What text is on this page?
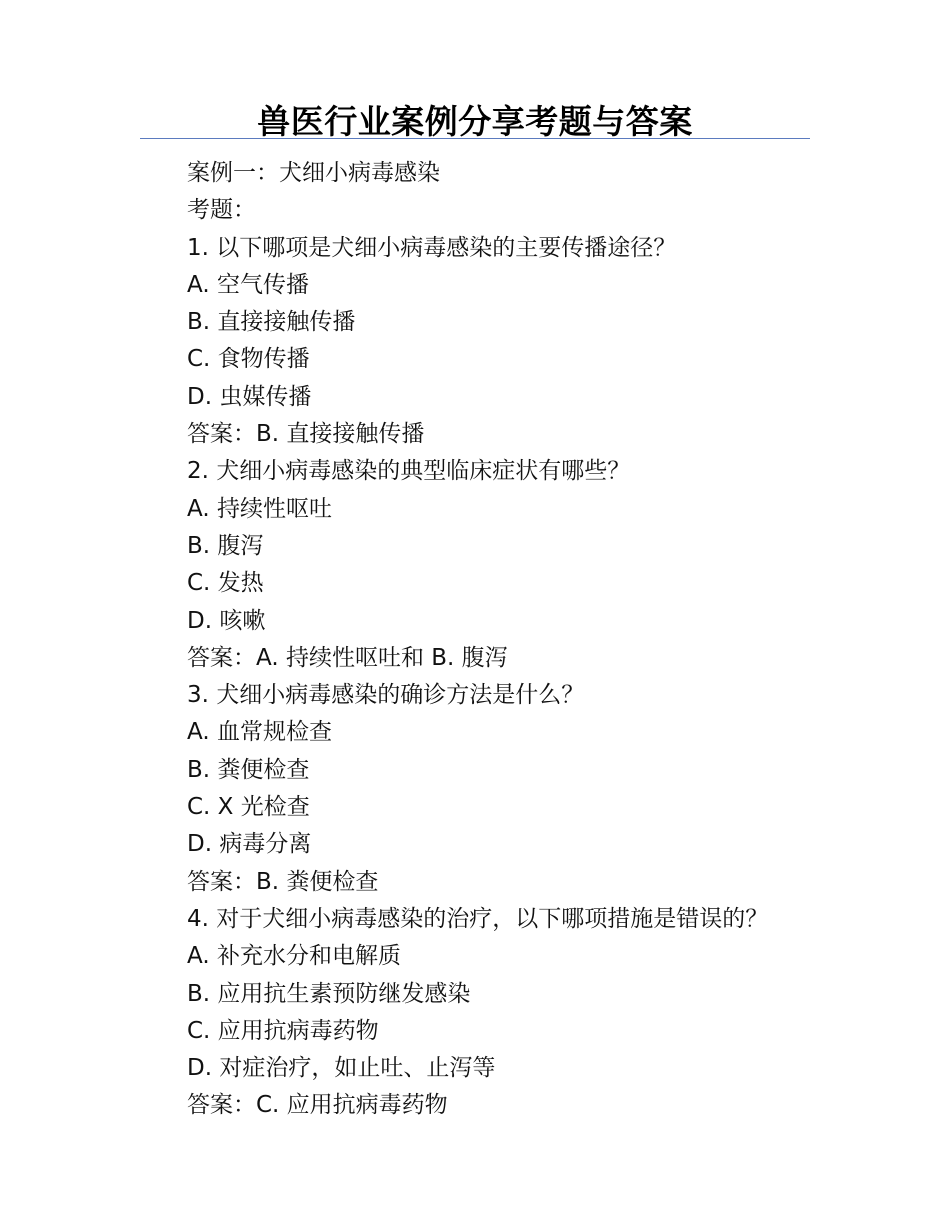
兽医行业案例分享考题与答案
案例一：犬细小病毒感染
考题：
1. 以下哪项是犬细小病毒感染的主要传播途径？
A. 空气传播
B. 直接接触传播
C. 食物传播
D. 虫媒传播
答案：B. 直接接触传播
2. 犬细小病毒感染的典型临床症状有哪些？
A. 持续性呕吐
B. 腹泻
C. 发热
D. 咳嗽
答案：A. 持续性呕吐和 B. 腹泻
3. 犬细小病毒感染的确诊方法是什么？
A. 血常规检查
B. 粪便检查
C. X 光检查
D. 病毒分离
答案：B. 粪便检查
4. 对于犬细小病毒感染的治疗，以下哪项措施是错误的？
A. 补充水分和电解质
B. 应用抗生素预防继发感染
C. 应用抗病毒药物
D. 对症治疗，如止吐、止泻等
答案：C. 应用抗病毒药物
